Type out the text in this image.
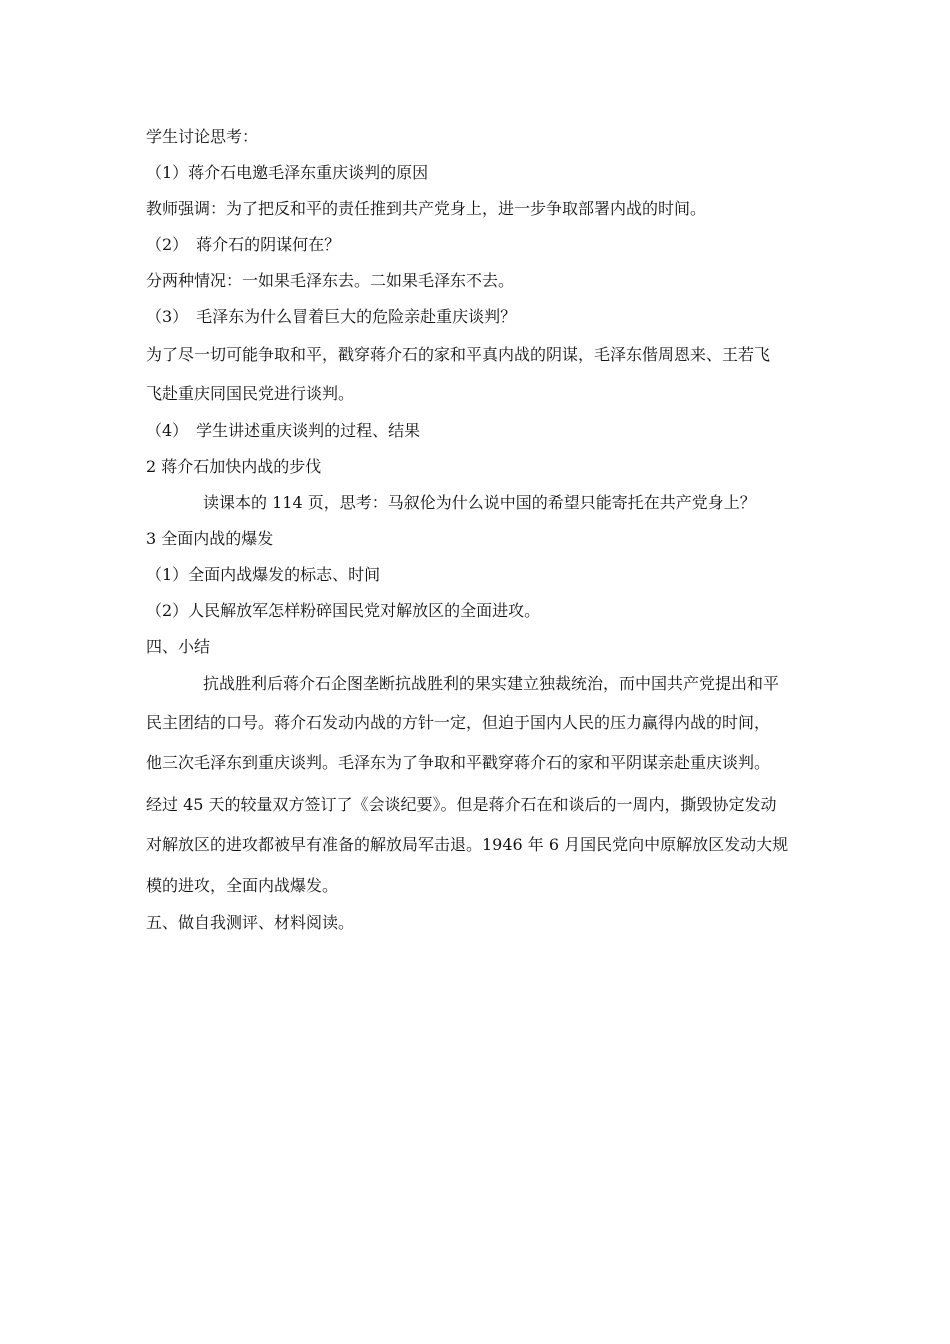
学生讨论思考：
（1）蒋介石电邀毛泽东重庆谈判的原因
教师强调：为了把反和平的责任推到共产党身上，进一步争取部署内战的时间。
（2）　蒋介石的阴谋何在？
分两种情况：一如果毛泽东去。二如果毛泽东不去。
（3）　毛泽东为什么冒着巨大的危险亲赴重庆谈判？
为了尽一切可能争取和平，戳穿蒋介石的家和平真内战的阴谋，毛泽东偕周恩来、王若飞
飞赴重庆同国民党进行谈判。
（4）　学生讲述重庆谈判的过程、结果
2 蒋介石加快内战的步伐
读课本的 114 页，思考：马叙伦为什么说中国的希望只能寄托在共产党身上？
3 全面内战的爆发
（1）全面内战爆发的标志、时间
（2）人民解放军怎样粉碎国民党对解放区的全面进攻。
四、小结
抗战胜利后蒋介石企图垄断抗战胜利的果实建立独裁统治，而中国共产党提出和平
民主团结的口号。蒋介石发动内战的方针一定，但迫于国内人民的压力赢得内战的时间，
他三次毛泽东到重庆谈判。毛泽东为了争取和平戳穿蒋介石的家和平阴谋亲赴重庆谈判。
经过 45 天的较量双方签订了《会谈纪要》。但是蒋介石在和谈后的一周内，撕毁协定发动
对解放区的进攻都被早有准备的解放局军击退。1946 年 6 月国民党向中原解放区发动大规
模的进攻，全面内战爆发。
五、做自我测评、材料阅读。
